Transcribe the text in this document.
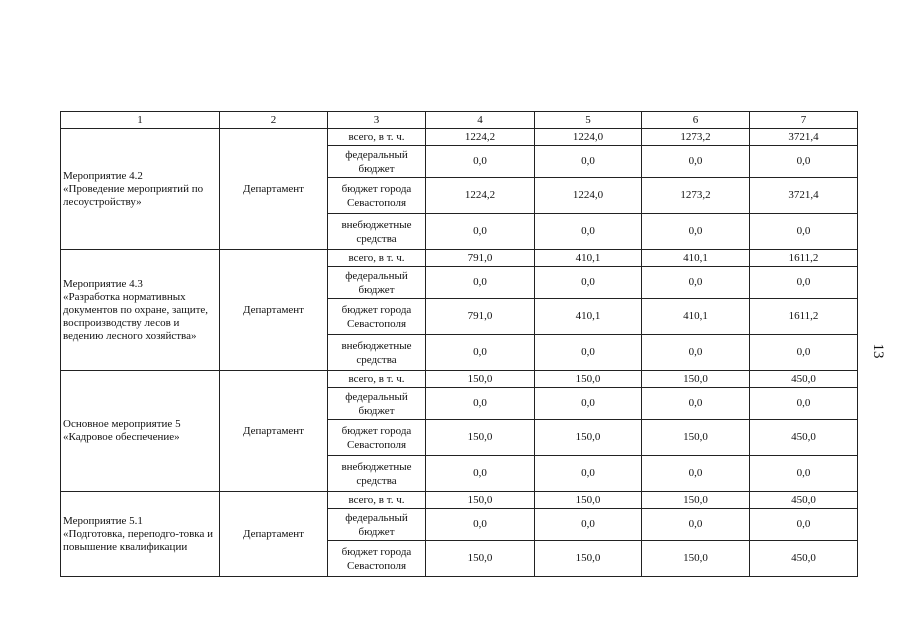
1	2	3	4	5	6	7
Мероприятие 4.2
«Проведение мероприятий по лесоустройству»	Департамент	всего, в т. ч.	1224,2	1224,0	1273,2	3721,4
		федеральный бюджет	0,0	0,0	0,0	0,0
		бюджет города Севастополя	1224,2	1224,0	1273,2	3721,4
		внебюджетные средства	0,0	0,0	0,0	0,0
Мероприятие 4.3
«Разработка нормативных документов по охране, защите, воспроизводству лесов и ведению лесного хозяйства»	Департамент	всего, в т. ч.	791,0	410,1	410,1	1611,2
		федеральный бюджет	0,0	0,0	0,0	0,0
		бюджет города Севастополя	791,0	410,1	410,1	1611,2
		внебюджетные средства	0,0	0,0	0,0	0,0
Основное мероприятие 5
«Кадровое обеспечение»	Департамент	всего, в т. ч.	150,0	150,0	150,0	450,0
		федеральный бюджет	0,0	0,0	0,0	0,0
		бюджет города Севастополя	150,0	150,0	150,0	450,0
		внебюджетные средства	0,0	0,0	0,0	0,0
Мероприятие 5.1
«Подготовка, переподго-товка и повышение квалификации	Департамент	всего, в т. ч.	150,0	150,0	150,0	450,0
		федеральный бюджет	0,0	0,0	0,0	0,0
		бюджет города Севастополя	150,0	150,0	150,0	450,0
13
